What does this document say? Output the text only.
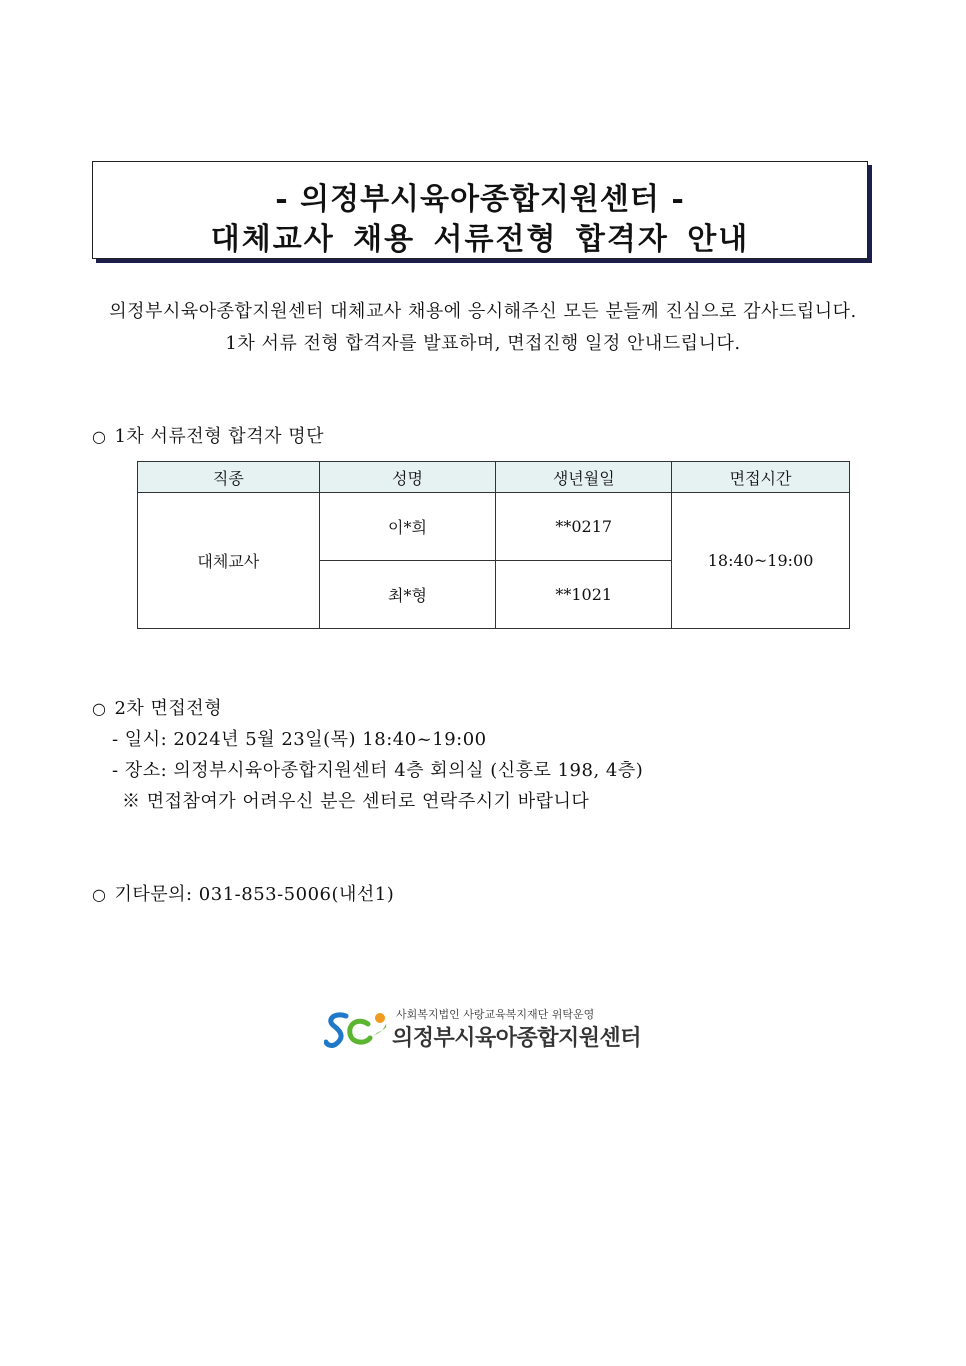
- 의정부시육아종합지원센터 -
대체교사 채용 서류전형 합격자 안내
의정부시육아종합지원센터 대체교사 채용에 응시해주신 모든 분들께 진심으로 감사드립니다.
1차 서류 전형 합격자를 발표하며, 면접진행 일정 안내드립니다.
○ 1차 서류전형 합격자 명단
직종	성명	생년월일	면접시간
대체교사	이*희	**0217	18:40~19:00
	최*형	**1021	
○ 2차 면접전형
- 일시: 2024년 5월 23일(목) 18:40~19:00
- 장소: 의정부시육아종합지원센터 4층 회의실 (신흥로 198, 4층)
※ 면접참여가 어려우신 분은 센터로 연락주시기 바랍니다
○ 기타문의: 031-853-5006(내선1)
사회복지법인 사랑교육복지재단 위탁운영
의정부시육아종합지원센터
